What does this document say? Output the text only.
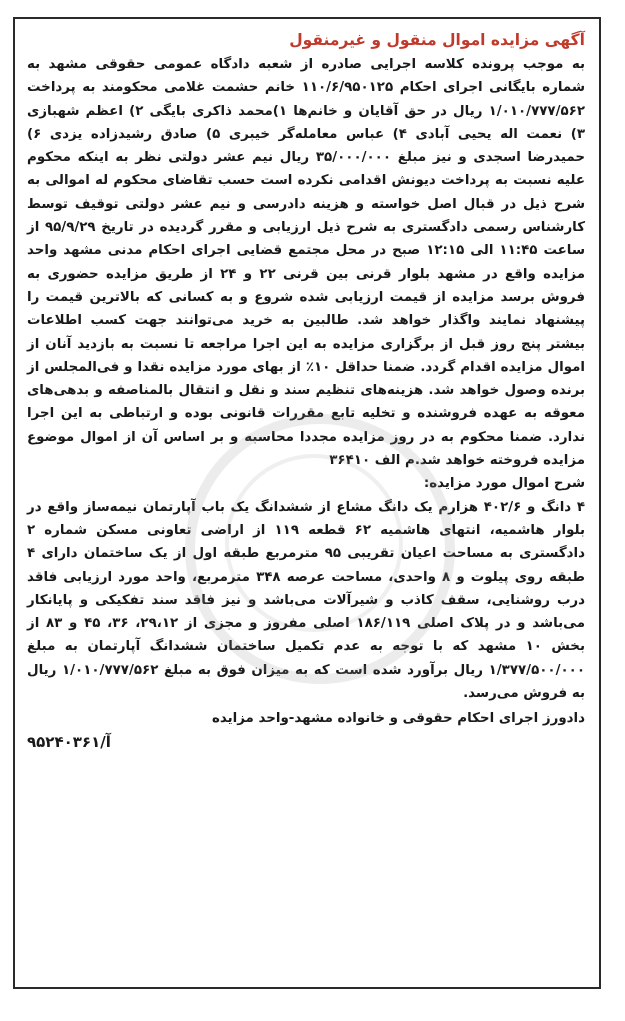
آگهی مزایده اموال منقول و غیرمنقول

به موجب پرونده کلاسه اجرایی صادره از شعبه دادگاه عمومی حقوقی مشهد به شماره بایگانی اجرای احکام ۱۱۰/۶/۹۵۰۱۲۵ خانم حشمت غلامی محکومند به پرداخت ۱/۰۱۰/۷۷۷/۵۶۲ ریال در حق آقایان و خانم‌ها ۱)محمد ذاکری بایگی ۲) اعظم شهبازی ۳) نعمت اله یحیی آبادی ۴) عباس معامله‌گر خیبری ۵) صادق رشیدزاده یزدی ۶) حمیدرضا اسجدی و نیز مبلغ ۳۵/۰۰۰/۰۰۰ ریال نیم عشر دولتی نظر به اینکه محکوم علیه نسبت به پرداخت دیونش اقدامی نکرده است حسب تقاضای محکوم له اموالی به شرح ذیل در قبال اصل خواسته و هزینه دادرسی و نیم عشر دولتی توقیف توسط کارشناس رسمی دادگستری به شرح ذیل ارزیابی و مقرر گردیده در تاریخ ۹۵/۹/۲۹ از ساعت ۱۱:۴۵ الی ۱۲:۱۵ صبح در محل مجتمع قضایی اجرای احکام مدنی مشهد واحد مزایده واقع در مشهد بلوار قرنی بین قرنی ۲۲ و ۲۴ از طریق مزایده حضوری به فروش برسد مزایده از قیمت ارزیابی شده شروع و به کسانی که بالاترین قیمت را پیشنهاد نمایند واگذار خواهد شد. طالبین به خرید می‌توانند جهت کسب اطلاعات بیشتر پنج روز قبل از برگزاری مزایده به این اجرا مراجعه تا نسبت به بازدید آنان از اموال مزایده اقدام گردد. ضمنا حداقل ۱۰٪ از بهای مورد مزایده نقدا و فی‌المجلس از برنده وصول خواهد شد. هزینه‌های تنظیم سند و نقل و انتقال بالمناصفه و بدهی‌های معوقه به عهده فروشنده و تخلیه تابع مقررات قانونی بوده و ارتباطی به این اجرا ندارد. ضمنا محکوم به در روز مزایده مجددا محاسبه و بر اساس آن از اموال موضوع مزایده فروخته خواهد شد.م الف ۳۶۴۱۰

شرح اموال مورد مزایده:

۴ دانگ و ۴۰۲/۶ هزارم یک دانگ مشاع از ششدانگ یک باب آپارتمان نیمه‌ساز واقع در بلوار هاشمیه، انتهای هاشمیه ۶۲ قطعه ۱۱۹ از اراضی تعاونی مسکن شماره ۲ دادگستری به مساحت اعیان تقریبی ۹۵ مترمربع طبقه اول از یک ساختمان دارای ۴ طبقه روی پیلوت و ۸ واحدی، مساحت عرصه ۳۴۸ مترمربع، واحد مورد ارزیابی فاقد درب روشنایی، سقف کاذب و شیرآلات می‌باشد و نیز فاقد سند تفکیکی و پایانکار می‌باشد و در پلاک اصلی ۱۸۶/۱۱۹ اصلی مفروز و مجزی از ۲۹،۱۲، ۳۶، ۴۵ و ۸۳ از بخش ۱۰ مشهد که با توجه به عدم تکمیل ساختمان ششدانگ آپارتمان به مبلغ ۱/۳۷۷/۵۰۰/۰۰۰ ریال برآورد شده است که به میزان فوق به مبلغ ۱/۰۱۰/۷۷۷/۵۶۲ ریال به فروش می‌رسد.

دادورز اجرای احکام حقوقی و خانواده مشهد-واحد مزایده

آ/۹۵۲۴۰۳۶۱
